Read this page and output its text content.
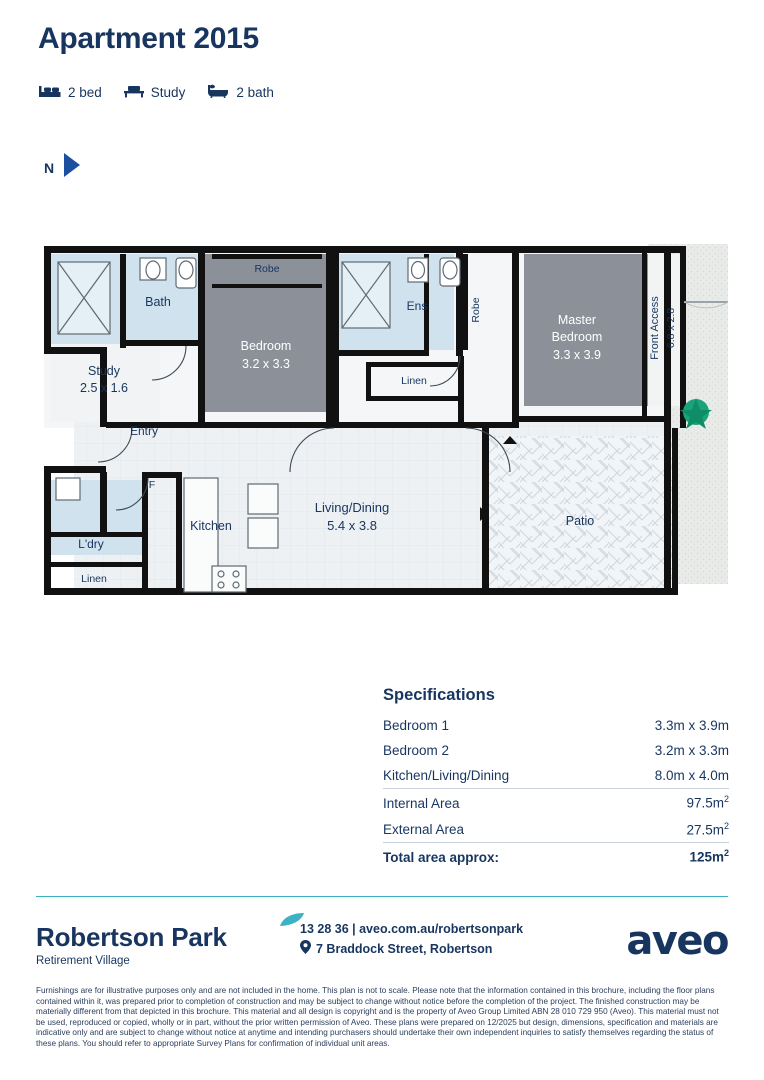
Apartment 2015
2 bed	Study	2 bath
N
Bath
Robe
Bedroom
3.2 x 3.3
Ens	Robe
Linen
Master
Bedroom
3.3 x 3.9	Front Access 6.8 x 2.8
Study
2.5 x 1.6
Entry
Living/Dining
5.4 x 3.8	Patio
Kitchen
L'dry
Linen
F
Specifications
Bedroom 1	3.3m x 3.9m
Bedroom 2	3.2m x 3.3m
Kitchen/Living/Dining	8.0m x 4.0m
Internal Area	$97.5m^2$
External Area	$27.5m^2$
Total area approx:	$125m^2$
Robertson Park
Retirement Village
13 28 36 | aveo.com.au/robertsonpark
7 Braddock Street, Robertson	aveo
Furnishings are for illustrative purposes only and are not included in the home. This plan is not to scale. Please note that the information contained in this brochure, including the floor plans contained within it, was prepared prior to completion of construction and may be subject to change without notice before the completion of the project. The finished construction may be materially different from that depicted in this brochure. This material and all design is copyright and is the property of Aveo Group Limited ABN 28 010 729 950 (Aveo). This material must not be used, reproduced or copied, wholly or in part, without the prior written permission of Aveo. These plans were prepared on 12/2025 but design, dimensions, specification and materials are indicative only and are subject to change without notice at anytime and intending purchasers should undertake their own independent inquiries to satisfy themselves regarding the status of these plans. You should refer to appropriate Survey Plans for confirmation of individual unit areas.
